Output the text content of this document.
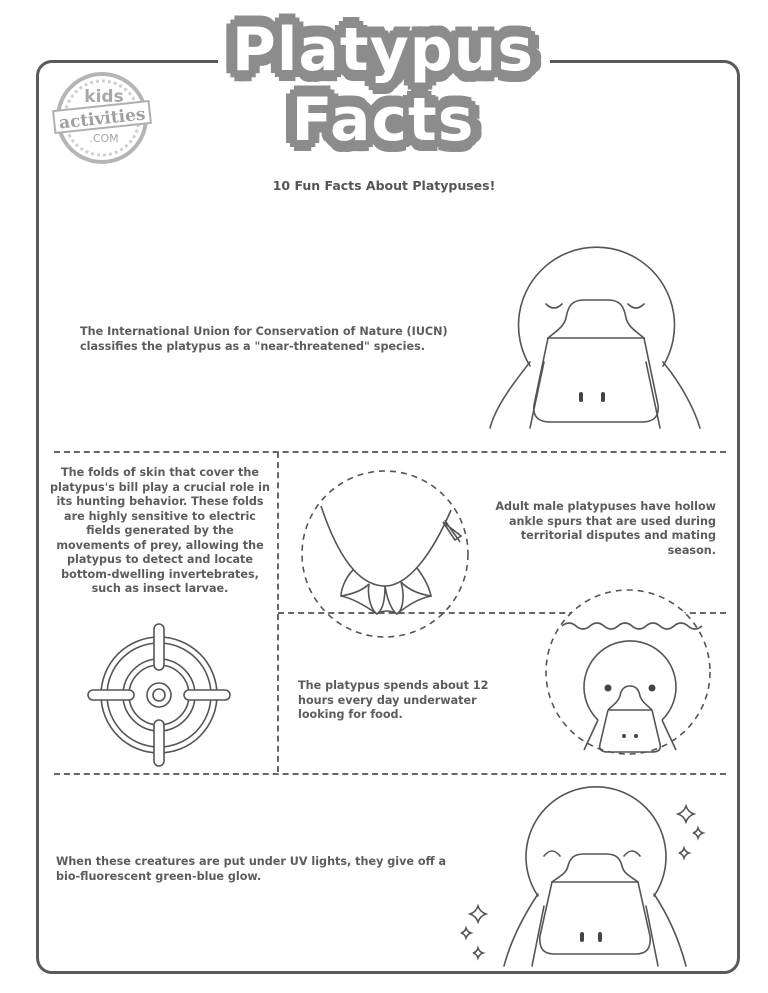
Platypus
Facts
kids
activities
.COM
10 Fun Facts About Platypuses!
The International Union for Conservation of Nature (IUCN) classifies the platypus as a "near-threatened" species.
The folds of skin that cover the platypus's bill play a crucial role in its hunting behavior. These folds are highly sensitive to electric fields generated by the movements of prey, allowing the platypus to detect and locate bottom-dwelling invertebrates, such as insect larvae.
Adult male platypuses have hollow ankle spurs that are used during territorial disputes and mating season.
The platypus spends about 12 hours every day underwater looking for food.
When these creatures are put under UV lights, they give off a bio-fluorescent green-blue glow.
